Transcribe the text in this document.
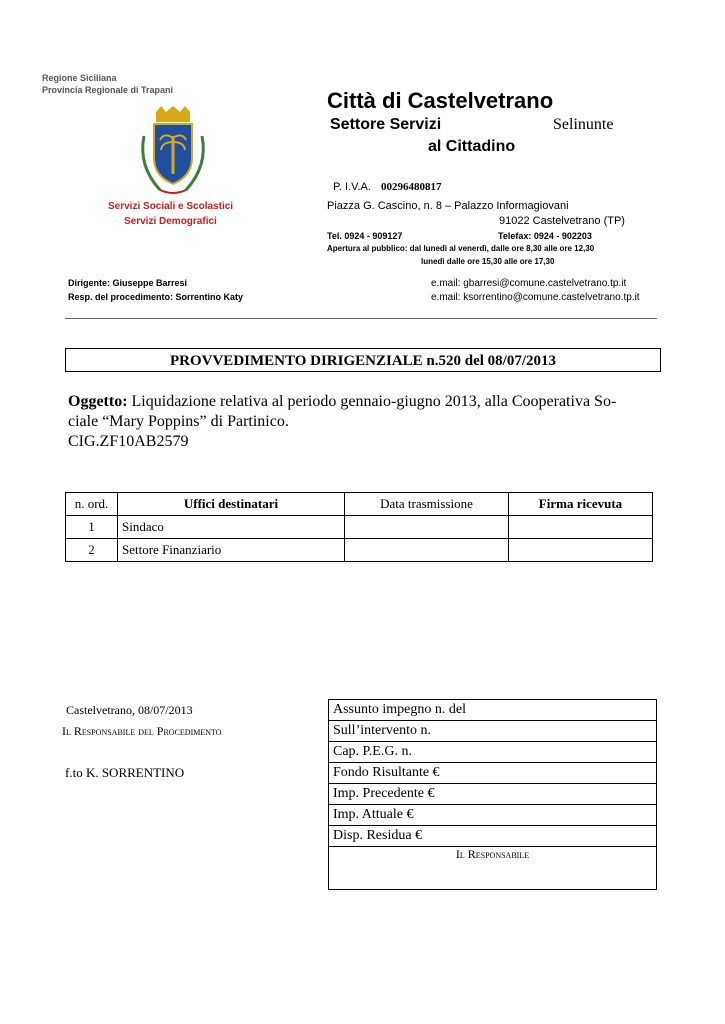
Regione Siciliana
Provincia Regionale di Trapani	Città di Castelvetrano
Settore Servizi	Selinunte
al Cittadino
P. I.V.A. 00296480817
Servizi Sociali e Scolastici
Servizi Demografici
Piazza G. Cascino, n. 8 – Palazzo Informagiovani
91022 Castelvetrano (TP)
Tel. 0924 - 909127	Telefax: 0924 - 902203
Apertura al pubblico: dal lunedì al venerdì, dalle ore 8,30 alle ore 12,30
lunedì dalle ore 15,30 alle ore 17,30
Dirigente: Giuseppe Barresi
Resp. del procedimento: Sorrentino Katy
e.mail: gbarresi@comune.castelvetrano.tp.it
e.mail: ksorrentino@comune.castelvetrano.tp.it
PROVVEDIMENTO DIRIGENZIALE n.520 del 08/07/2013
Oggetto: Liquidazione relativa al periodo gennaio-giugno 2013, alla Cooperativa So-
ciale “Mary Poppins” di Partinico.
CIG.ZF10AB2579
n. ord.	Uffici destinatari	Data trasmissione	Firma ricevuta
1	Sindaco		
2	Settore Finanziario		
Castelvetrano, 08/07/2013
Il Responsabile del Procedimento
f.to K. SORRENTINO
Assunto impegno n. del
Sull’intervento n.
Cap. P.E.G. n.
Fondo Risultante €
Imp. Precedente €
Imp. Attuale €
Disp. Residua €
Il Responsabile
